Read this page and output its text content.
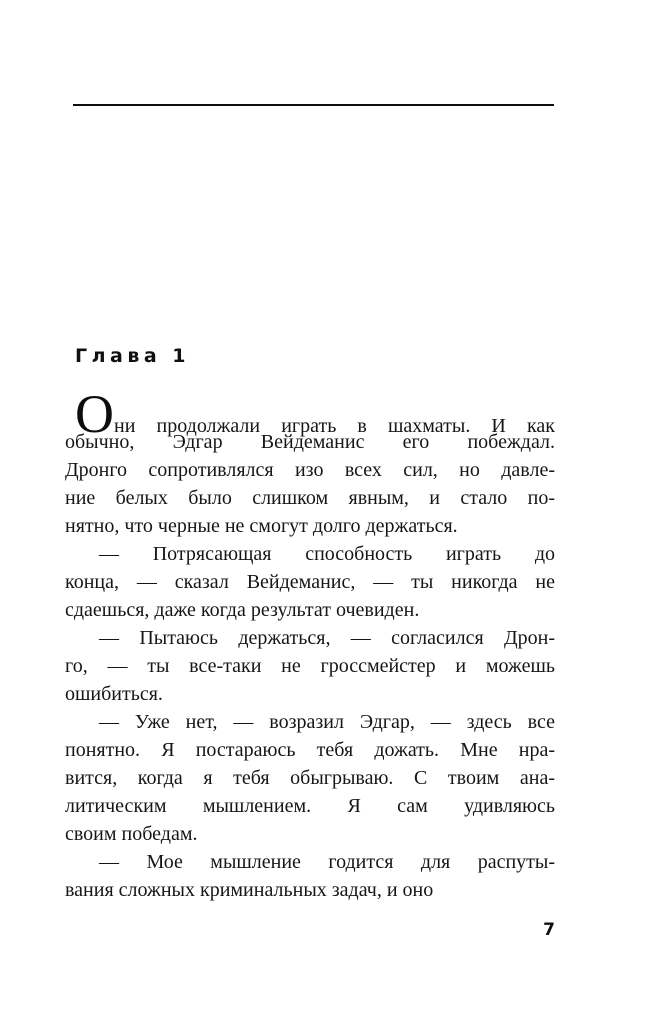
Глава 1

Они продолжали играть в шахматы. И как
обычно, Эдгар Вейдеманис его побеждал.
Дронго сопротивлялся изо всех сил, но давле-
ние белых было слишком явным, и стало по-
нятно, что черные не смогут долго держаться.

— Потрясающая способность играть до
конца, — сказал Вейдеманис, — ты никогда не
сдаешься, даже когда результат очевиден.

— Пытаюсь держаться, — согласился Дрон-
го, — ты все-таки не гроссмейстер и можешь
ошибиться.

— Уже нет, — возразил Эдгар, — здесь все
понятно. Я постараюсь тебя дожать. Мне нра-
вится, когда я тебя обыгрываю. С твоим ана-
литическим мышлением. Я сам удивляюсь
своим победам.

— Мое мышление годится для распуты-
вания сложных криминальных задач, и оно

7
